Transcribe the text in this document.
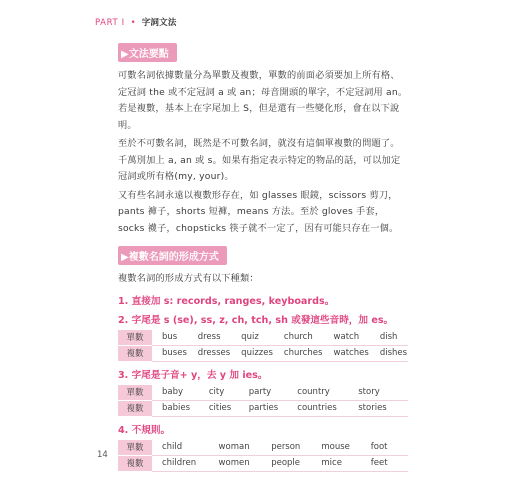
PART Ⅰ • 字詞文法
▶文法要點

可數名詞依據數量分為單數及複數，單數的前面必須要加上所有格、定冠詞 the 或不定冠詞 a 或 an；母音開頭的單字，不定冠詞用 an。若是複數，基本上在字尾加上 S，但是還有一些變化形，會在以下說明。

至於不可數名詞，既然是不可數名詞，就沒有這個單複數的問題了。千萬別加上 a, an 或 s。如果有指定表示特定的物品的話，可以加定冠詞或所有格(my, your)。

又有些名詞永遠以複數形存在，如 glasses 眼鏡，scissors 剪刀，pants 褲子，shorts 短褲，means 方法。至於 gloves 手套，socks 襪子，chopsticks 筷子就不一定了，因有可能只存在一個。

▶複數名詞的形成方式

複數名詞的形成方式有以下種類：

1. 直接加 s: records, ranges, keyboards。
2. 字尾是 s (se), ss, z, ch, tch, sh 或發這些音時，加 es。
單數	bus	dress	quiz	church	watch	dish
複數	buses	dresses	quizzes	churches	watches	dishes
3. 字尾是子音+ y，去 y 加 ies。
單數	baby	city	party	country	story	
複數	babies	cities	parties	countries	stories	
4. 不規則。
單數	child	woman	person	mouse	foot	
複數	children	women	people	mice	feet	
14
